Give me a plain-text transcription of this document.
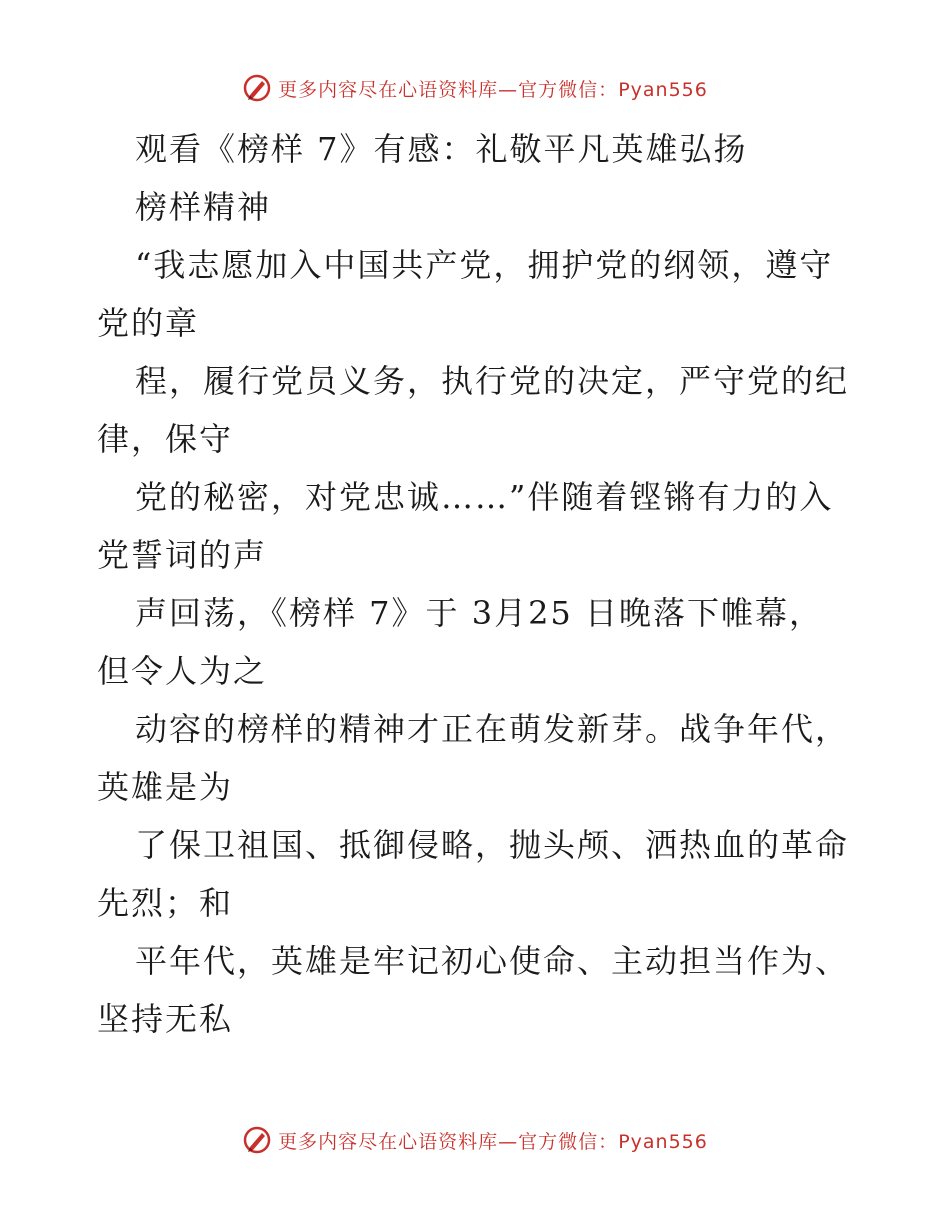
更多内容尽在心语资料库—官方微信：Pyan556
观看《榜样 7》有感：礼敬平凡英雄弘扬
榜样精神
“我志愿加入中国共产党，拥护党的纲领，遵守
党的章
程，履行党员义务，执行党的决定，严守党的纪
律，保守
党的秘密，对党忠诚……”伴随着铿锵有力的入
党誓词的声
声回荡，《榜样 7》于 3月25 日晚落下帷幕，
但令人为之
动容的榜样的精神才正在萌发新芽。战争年代，
英雄是为
了保卫祖国、抵御侵略，抛头颅、洒热血的革命
先烈；和
平年代，英雄是牢记初心使命、主动担当作为、
坚持无私
更多内容尽在心语资料库—官方微信：Pyan556
